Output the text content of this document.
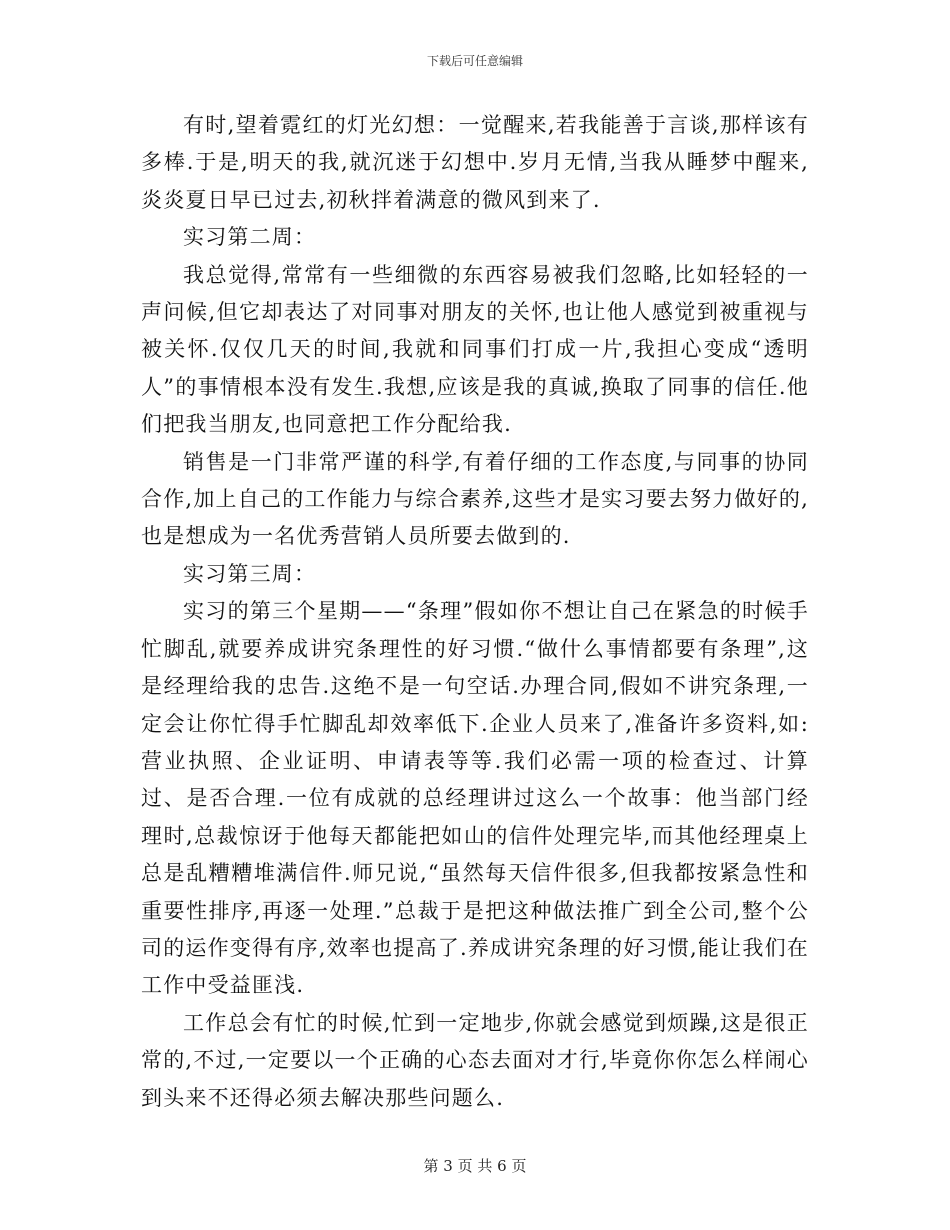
下载后可任意编辑

有时,望着霓红的灯光幻想：一觉醒来,若我能善于言谈,那样该有多棒.于是,明天的我,就沉迷于幻想中.岁月无情,当我从睡梦中醒来,炎炎夏日早已过去,初秋拌着满意的微风到来了.

实习第二周：

我总觉得,常常有一些细微的东西容易被我们忽略,比如轻轻的一声问候,但它却表达了对同事对朋友的关怀,也让他人感觉到被重视与被关怀.仅仅几天的时间,我就和同事们打成一片,我担心变成“透明人”的事情根本没有发生.我想,应该是我的真诚,换取了同事的信任.他们把我当朋友,也同意把工作分配给我.

销售是一门非常严谨的科学,有着仔细的工作态度,与同事的协同合作,加上自己的工作能力与综合素养,这些才是实习要去努力做好的,也是想成为一名优秀营销人员所要去做到的.

实习第三周：

实习的第三个星期——“条理”假如你不想让自己在紧急的时候手忙脚乱,就要养成讲究条理性的好习惯.“做什么事情都要有条理”,这是经理给我的忠告.这绝不是一句空话.办理合同,假如不讲究条理,一定会让你忙得手忙脚乱却效率低下.企业人员来了,准备许多资料,如:营业执照、企业证明、申请表等等.我们必需一项的检查过、计算过、是否合理.一位有成就的总经理讲过这么一个故事：他当部门经理时,总裁惊讶于他每天都能把如山的信件处理完毕,而其他经理桌上总是乱糟糟堆满信件.师兄说,“虽然每天信件很多,但我都按紧急性和重要性排序,再逐一处理.”总裁于是把这种做法推广到全公司,整个公司的运作变得有序,效率也提高了.养成讲究条理的好习惯,能让我们在工作中受益匪浅.

工作总会有忙的时候,忙到一定地步,你就会感觉到烦躁,这是很正常的,不过,一定要以一个正确的心态去面对才行,毕竟你你怎么样闹心到头来不还得必须去解决那些问题么.

第 3 页 共 6 页
